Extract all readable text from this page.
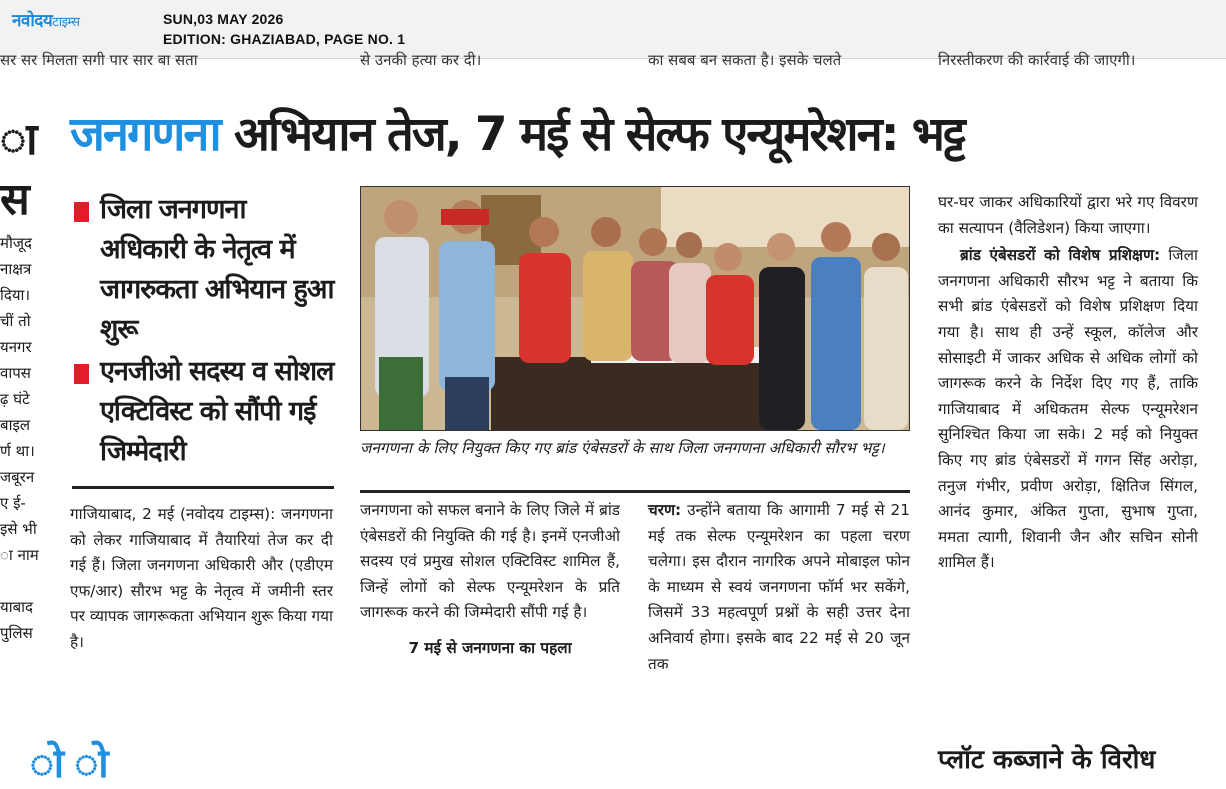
नवोदयटाइम्स	SUN,03 MAY 2026
EDITION: GHAZIABAD, PAGE NO. 1
सर सर मिलता सगी पार सार बा सता	से उनकी हत्या कर दी।	का सबब बन सकता है। इसके चलते	निरस्तीकरण की कार्रवाई की जाएगी।
ा
स
मौजूद
नाक्षत्र
दिया।
चीं तो
यनगर
वापस
ढ़ घंटे
बाइल
र्ण था।
जबूरन
ए ई-
इसे भी
ा नाम
याबाद
पुलिस
जनगणना अभियान तेज, 7 मई से सेल्फ एन्यूमरेशन: भट्ट
जिला जनगणना अधिकारी के नेतृत्व में जागरुकता अभियान हुआ शुरू
एनजीओ सदस्य व सोशल एक्टिविस्ट को सौंपी गई जिम्मेदारी
गाजियाबाद, 2 मई (नवोदय टाइम्स): जनगणना को लेकर गाजियाबाद में तैयारियां तेज कर दी गई हैं। जिला जनगणना अधिकारी और (एडीएम एफ/आर) सौरभ भट्ट के नेतृत्व में जमीनी स्तर पर व्यापक जागरूकता अभियान शुरू किया गया है।
जनगणना के लिए नियुक्त किए गए ब्रांड एंबेसडरों के साथ जिला जनगणना अधिकारी सौरभ भट्ट।
जनगणना को सफल बनाने के लिए जिले में ब्रांड एंबेसडरों की नियुक्ति की गई है। इनमें एनजीओ सदस्य एवं प्रमुख सोशल एक्टिविस्ट शामिल हैं, जिन्हें लोगों को सेल्फ एन्यूमरेशन के प्रति जागरूक करने की जिम्मेदारी सौंपी गई है।
7 मई से जनगणना का पहला
चरण: उन्होंने बताया कि आगामी 7 मई से 21 मई तक सेल्फ एन्यूमरेशन का पहला चरण चलेगा। इस दौरान नागरिक अपने मोबाइल फोन के माध्यम से स्वयं जनगणना फॉर्म भर सकेंगे, जिसमें 33 महत्वपूर्ण प्रश्नों के सही उत्तर देना अनिवार्य होगा। इसके बाद 22 मई से 20 जून तक
घर-घर जाकर अधिकारियों द्वारा भरे गए विवरण का सत्यापन (वैलिडेशन) किया जाएगा।
ब्रांड एंबेसडरों को विशेष प्रशिक्षण: जिला जनगणना अधिकारी सौरभ भट्ट ने बताया कि सभी ब्रांड एंबेसडरों को विशेष प्रशिक्षण दिया गया है। साथ ही उन्हें स्कूल, कॉलेज और सोसाइटी में जाकर अधिक से अधिक लोगों को जागरूक करने के निर्देश दिए गए हैं, ताकि गाजियाबाद में अधिकतम सेल्फ एन्यूमरेशन सुनिश्चित किया जा सके। 2 मई को नियुक्त किए गए ब्रांड एंबेसडरों में गगन सिंह अरोड़ा, तनुज गंभीर, प्रवीण अरोड़ा, क्षितिज सिंगल, आनंद कुमार, अंकित गुप्ता, सुभाष गुप्ता, ममता त्यागी, शिवानी जैन और सचिन सोनी शामिल हैं।
ो ो	प्लॉट कब्जाने के विरोध
